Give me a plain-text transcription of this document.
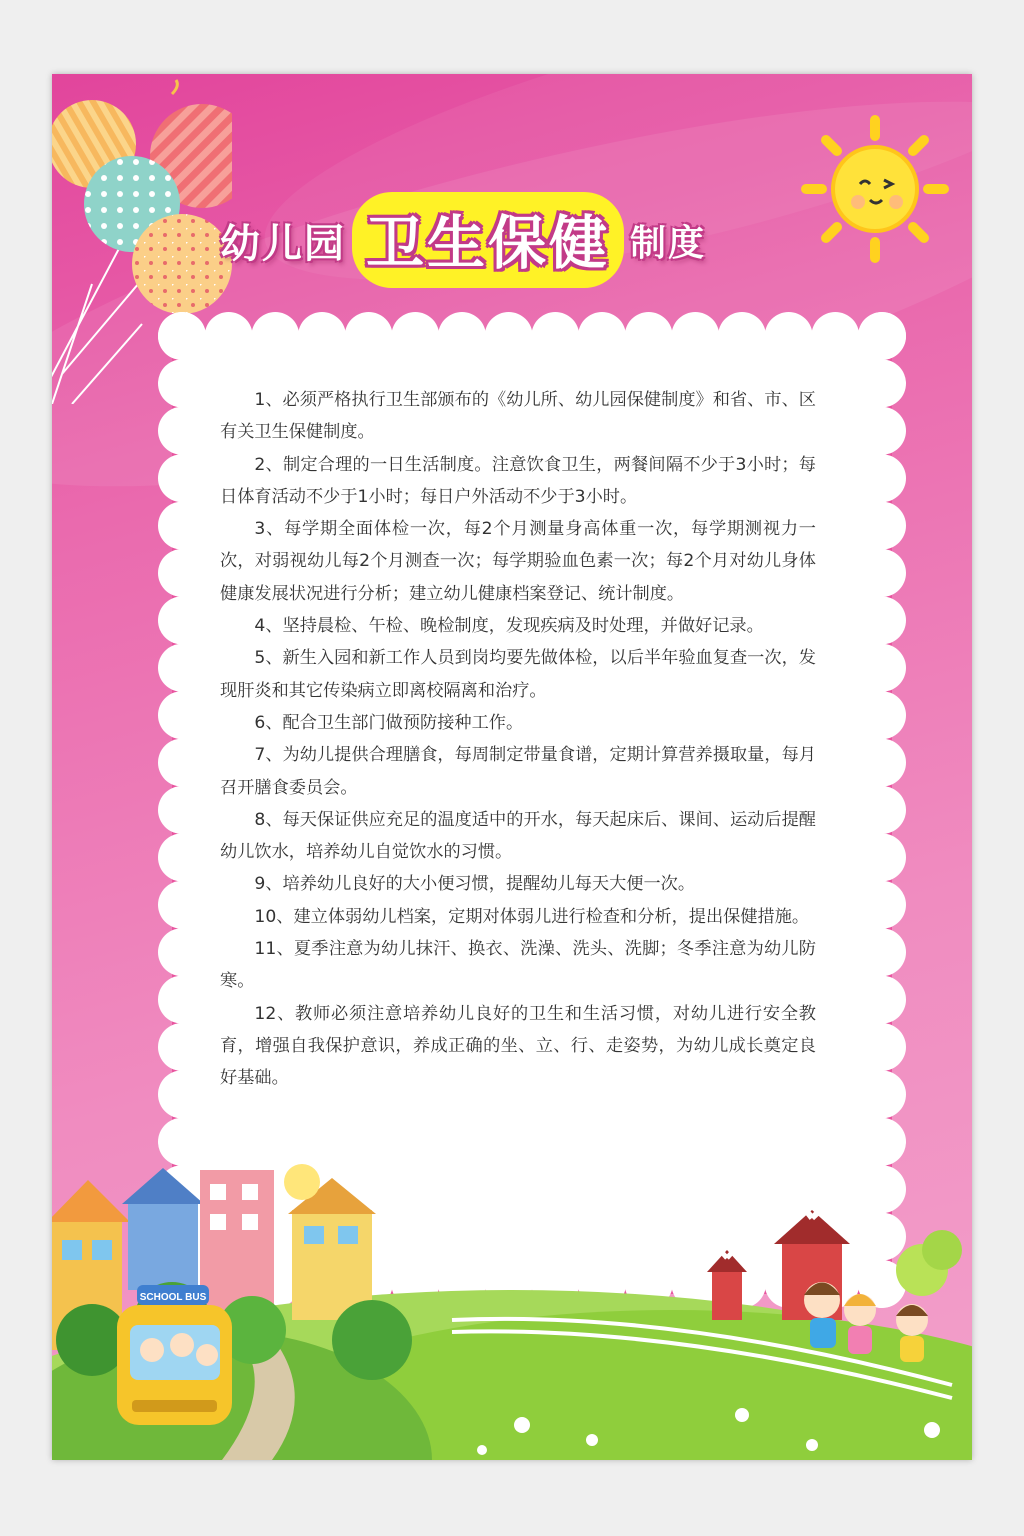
幼儿园 卫生保健 制度
SCHOOL BUS

1、必须严格执行卫生部颁布的《幼儿所、幼儿园保健制度》和省、市、区有关卫生保健制度。

2、制定合理的一日生活制度。注意饮食卫生，两餐间隔不少于3小时；每日体育活动不少于1小时；每日户外活动不少于3小时。

3、每学期全面体检一次，每2个月测量身高体重一次，每学期测视力一次，对弱视幼儿每2个月测查一次；每学期验血色素一次；每2个月对幼儿身体健康发展状况进行分析；建立幼儿健康档案登记、统计制度。

4、坚持晨检、午检、晚检制度，发现疾病及时处理，并做好记录。

5、新生入园和新工作人员到岗均要先做体检，以后半年验血复查一次，发现肝炎和其它传染病立即离校隔离和治疗。

6、配合卫生部门做预防接种工作。

7、为幼儿提供合理膳食，每周制定带量食谱，定期计算营养摄取量，每月召开膳食委员会。

8、每天保证供应充足的温度适中的开水，每天起床后、课间、运动后提醒幼儿饮水，培养幼儿自觉饮水的习惯。

9、培养幼儿良好的大小便习惯，提醒幼儿每天大便一次。

10、建立体弱幼儿档案，定期对体弱儿进行检查和分析，提出保健措施。

11、夏季注意为幼儿抹汗、换衣、洗澡、洗头、洗脚；冬季注意为幼儿防寒。

12、教师必须注意培养幼儿良好的卫生和生活习惯，对幼儿进行安全教育，增强自我保护意识，养成正确的坐、立、行、走姿势，为幼儿成长奠定良好基础。
